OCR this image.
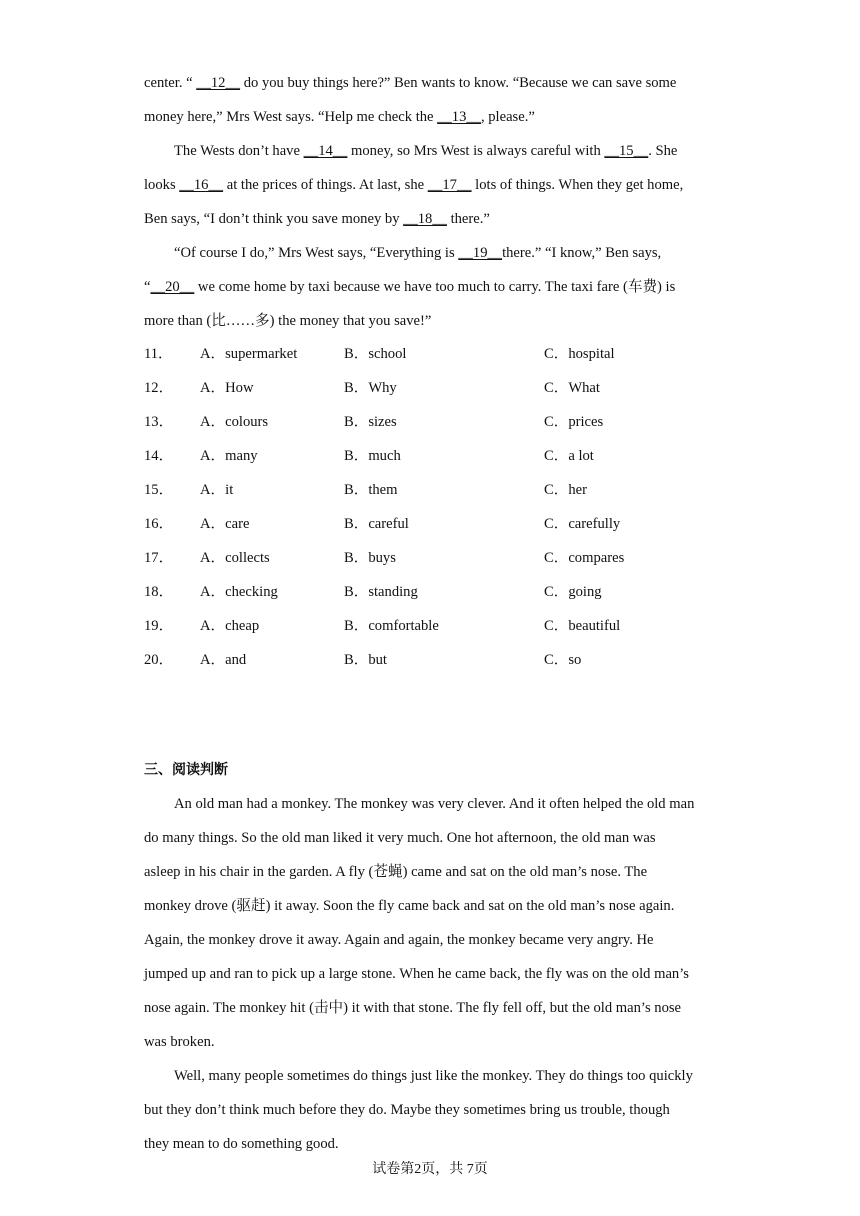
center. “ __12__ do you buy things here?” Ben wants to know. “Because we can save some
money here,” Mrs West says. “Help me check the __13__, please.”
The Wests don’t have __14__ money, so Mrs West is always careful with __15__. She
looks __16__ at the prices of things. At last, she __17__ lots of things. When they get home,
Ben says, “I don’t think you save money by __18__ there.”
“Of course I do,” Mrs West says, “Everything is __19__there.” “I know,” Ben says,
“__20__ we come home by taxi because we have too much to carry. The taxi fare (车费) is
more than (比……多) the money that you save!”
11． A．supermarket	B．school	C．hospital
12． A．How	B．Why	C．What
13． A．colours	B．sizes	C．prices
14． A．many	B．much	C．a lot
15． A．it	B．them	C．her
16． A．care	B．careful	C．carefully
17． A．collects	B．buys	C．compares
18． A．checking	B．standing	C．going
19． A．cheap	B．comfortable	C．beautiful
20． A．and	B．but	C．so
三、阅读判断
An old man had a monkey. The monkey was very clever. And it often helped the old man
do many things. So the old man liked it very much. One hot afternoon, the old man was
asleep in his chair in the garden. A fly (苍蝇) came and sat on the old man’s nose. The
monkey drove (驱赶) it away. Soon the fly came back and sat on the old man’s nose again.
Again, the monkey drove it away. Again and again, the monkey became very angry. He
jumped up and ran to pick up a large stone. When he came back, the fly was on the old man’s
nose again. The monkey hit (击中) it with that stone. The fly fell off, but the old man’s nose
was broken.
Well, many people sometimes do things just like the monkey. They do things too quickly
but they don’t think much before they do. Maybe they sometimes bring us trouble, though
they mean to do something good.
试卷第2页，共 7页
